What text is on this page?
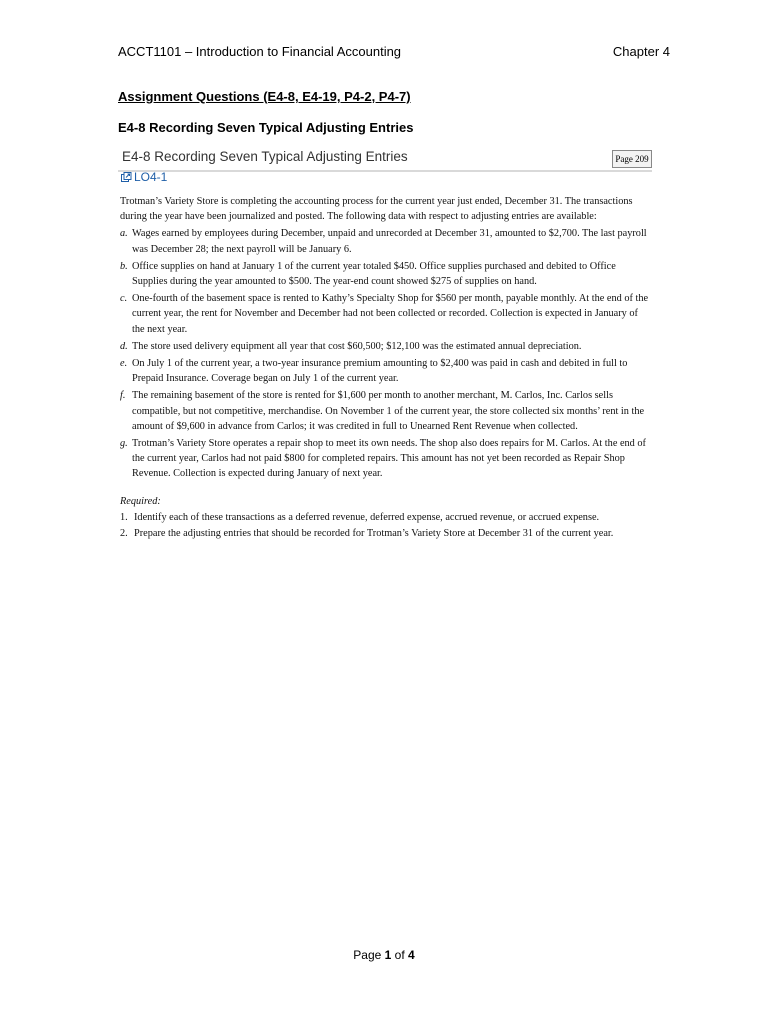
ACCT1101 – Introduction to Financial Accounting	Chapter 4
Assignment Questions (E4-8, E4-19, P4-2, P4-7)
E4-8 Recording Seven Typical Adjusting Entries
E4-8 Recording Seven Typical Adjusting Entries	Page 209
LO4-1

Trotman’s Variety Store is completing the accounting process for the current year just ended, December 31. The transactions during the year have been journalized and posted. The following data with respect to adjusting entries are available:

a. Wages earned by employees during December, unpaid and unrecorded at December 31, amounted to $2,700. The last payroll was December 28; the next payroll will be January 6.
b. Office supplies on hand at January 1 of the current year totaled $450. Office supplies purchased and debited to Office Supplies during the year amounted to $500. The year-end count showed $275 of supplies on hand.
c. One-fourth of the basement space is rented to Kathy’s Specialty Shop for $560 per month, payable monthly. At the end of the current year, the rent for November and December had not been collected or recorded. Collection is expected in January of the next year.
d. The store used delivery equipment all year that cost $60,500; $12,100 was the estimated annual depreciation.
e. On July 1 of the current year, a two-year insurance premium amounting to $2,400 was paid in cash and debited in full to Prepaid Insurance. Coverage began on July 1 of the current year.
f. The remaining basement of the store is rented for $1,600 per month to another merchant, M. Carlos, Inc. Carlos sells compatible, but not competitive, merchandise. On November 1 of the current year, the store collected six months’ rent in the amount of $9,600 in advance from Carlos; it was credited in full to Unearned Rent Revenue when collected.
g. Trotman’s Variety Store operates a repair shop to meet its own needs. The shop also does repairs for M. Carlos. At the end of the current year, Carlos had not paid $800 for completed repairs. This amount has not yet been recorded as Repair Shop Revenue. Collection is expected during January of next year.

Required:

1. Identify each of these transactions as a deferred revenue, deferred expense, accrued revenue, or accrued expense.
2. Prepare the adjusting entries that should be recorded for Trotman’s Variety Store at December 31 of the current year.
Page 1 of 4
